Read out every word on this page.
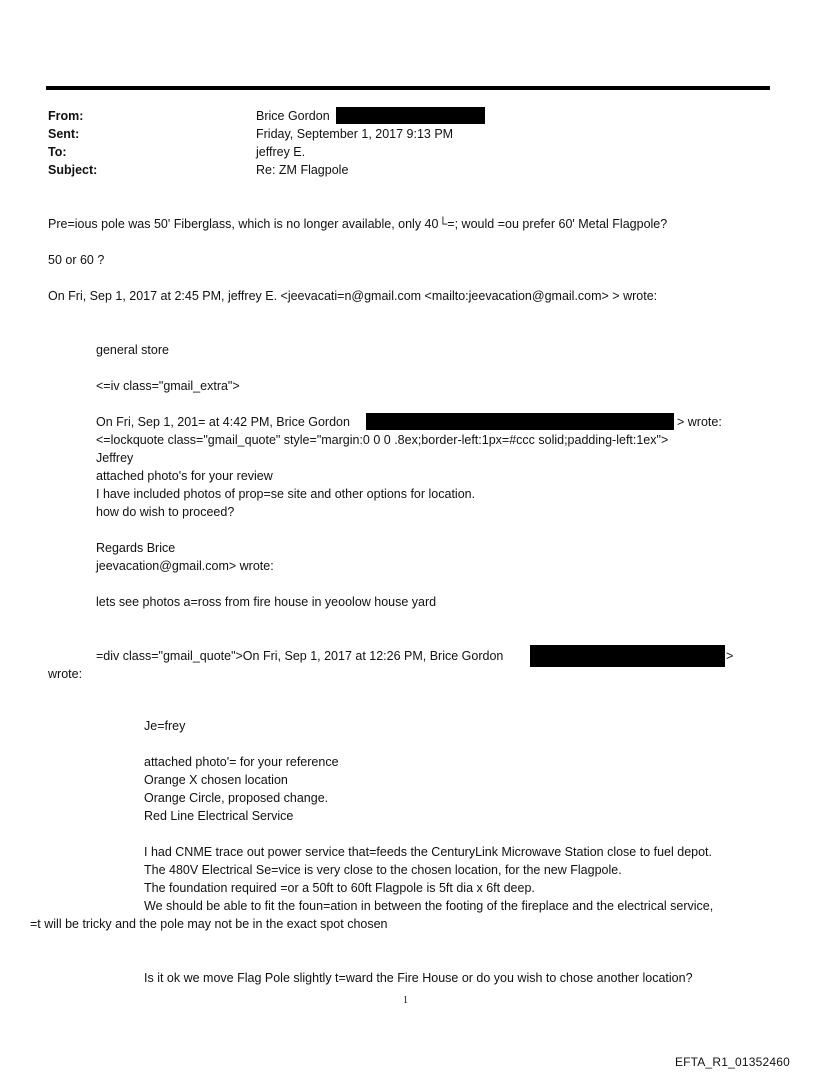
From:	Brice Gordon
Sent:	Friday, September 1, 2017 9:13 PM
To:	jeffrey E.
Subject:	Re: ZM Flagpole
Pre=ious pole was 50' Fiberglass, which is no longer available, only 40└=; would =ou prefer 60' Metal Flagpole?
50 or 60 ?
On Fri, Sep 1, 2017 at 2:45 PM, jeffrey E. <jeevacati=n@gmail.com <mailto:jeevacation@gmail.com> > wrote:
general store
<=iv class="gmail_extra">
On Fri, Sep 1, 201= at 4:42 PM, Brice Gordon	> wrote:
<=lockquote class="gmail_quote" style="margin:0 0 0 .8ex;border-left:1px=#ccc solid;padding-left:1ex">
Jeffrey
attached photo's for your review
I have included photos of prop=se site and other options for location.
how do wish to proceed?
Regards Brice
jeevacation@gmail.com> wrote:
lets see photos a=ross from fire house in yeoolow house yard
=div class="gmail_quote">On Fri, Sep 1, 2017 at 12:26 PM, Brice Gordon	>
wrote:
Je=frey
attached photo'= for your reference
Orange X chosen location
Orange Circle, proposed change.
Red Line Electrical Service
I had CNME trace out power service that=feeds the CenturyLink Microwave Station close to fuel depot.
The 480V Electrical Se=vice is very close to the chosen location, for the new Flagpole.
The foundation required =or a 50ft to 60ft Flagpole is 5ft dia x 6ft deep.
We should be able to fit the foun=ation in between the footing of the fireplace and the electrical service,
=t will be tricky and the pole may not be in the exact spot chosen
Is it ok we move Flag Pole slightly t=ward the Fire House or do you wish to chose another location?
1
EFTA_R1_01352460
